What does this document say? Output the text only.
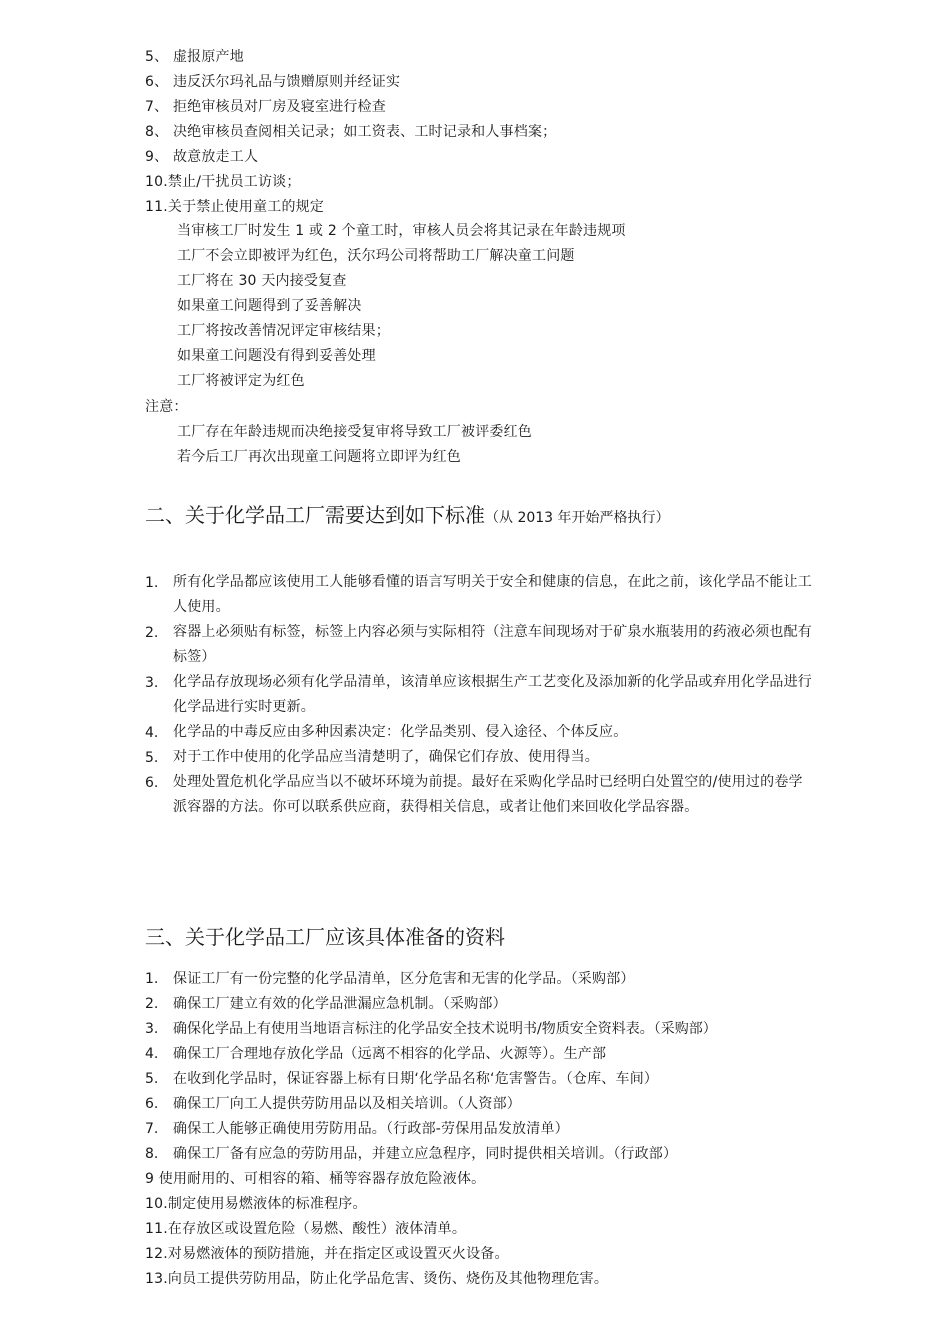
5、 虚报原产地
6、 违反沃尔玛礼品与馈赠原则并经证实
7、 拒绝审核员对厂房及寝室进行检查
8、 决绝审核员查阅相关记录；如工资表、工时记录和人事档案；
9、 故意放走工人
10.禁止/干扰员工访谈；
11.关于禁止使用童工的规定
当审核工厂时发生 1 或 2 个童工时，审核人员会将其记录在年龄违规项
工厂不会立即被评为红色，沃尔玛公司将帮助工厂解决童工问题
工厂将在 30 天内接受复查
如果童工问题得到了妥善解决
工厂将按改善情况评定审核结果；
如果童工问题没有得到妥善处理
工厂将被评定为红色
注意：
工厂存在年龄违规而决绝接受复审将导致工厂被评委红色
若今后工厂再次出现童工问题将立即评为红色
二、关于化学品工厂需要达到如下标准（从 2013 年开始严格执行）
1. 所有化学品都应该使用工人能够看懂的语言写明关于安全和健康的信息，在此之前，该化学品不能让工人使用。
2. 容器上必须贴有标签，标签上内容必须与实际相符（注意车间现场对于矿泉水瓶装用的药液必须也配有标签）
3. 化学品存放现场必须有化学品清单，该清单应该根据生产工艺变化及添加新的化学品或弃用化学品进行化学品进行实时更新。
4. 化学品的中毒反应由多种因素决定：化学品类别、侵入途径、个体反应。
5. 对于工作中使用的化学品应当清楚明了，确保它们存放、使用得当。
6. 处理处置危机化学品应当以不破坏环境为前提。最好在采购化学品时已经明白处置空的/使用过的卷学派容器的方法。你可以联系供应商，获得相关信息，或者让他们来回收化学品容器。
三、关于化学品工厂应该具体准备的资料
1. 保证工厂有一份完整的化学品清单，区分危害和无害的化学品。（采购部）
2. 确保工厂建立有效的化学品泄漏应急机制。（采购部）
3. 确保化学品上有使用当地语言标注的化学品安全技术说明书/物质安全资料表。（采购部）
4. 确保工厂合理地存放化学品（远离不相容的化学品、火源等）。生产部
5. 在收到化学品时，保证容器上标有日期‘化学品名称‘危害警告。（仓库、车间）
6. 确保工厂向工人提供劳防用品以及相关培训。（人资部）
7. 确保工人能够正确使用劳防用品。（行政部-劳保用品发放清单）
8. 确保工厂备有应急的劳防用品，并建立应急程序，同时提供相关培训。（行政部）
9 使用耐用的、可相容的箱、桶等容器存放危险液体。
10.制定使用易燃液体的标准程序。
11.在存放区或设置危险（易燃、酸性）液体清单。
12.对易燃液体的预防措施，并在指定区或设置灭火设备。
13.向员工提供劳防用品，防止化学品危害、烫伤、烧伤及其他物理危害。
